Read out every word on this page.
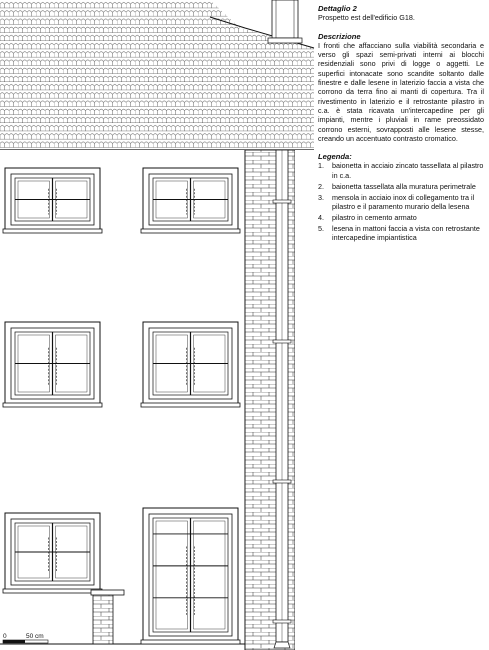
0	50 cm

Dettaglio 2

Prospetto est dell'edificio G18.

Descrizione

I fronti che affacciano sulla viabilità secondaria e verso gli spazi semi-privati interni ai blocchi residenziali sono privi di logge o aggetti. Le superfici intonacate sono scandite soltanto dalle finestre e dalle lesene in laterizio faccia a vista che corrono da terra fino ai manti di copertura. Tra il rivestimento in laterizio e il retrostante pilastro in c.a. è stata ricavata un'intercapedine per gli impianti, mentre i pluviali in rame preossidato corrono esterni, sovrapposti alle lesene stesse, creando un accentuato contrasto cromatico.

Legenda:

1. baionetta in acciaio zincato tassellata al pilastro in c.a.
2. baionetta tassellata alla muratura perimetrale
3. mensola in acciaio inox di collegamento tra il pilastro e il paramento murario della lesena
4. pilastro in cemento armato
5. lesena in mattoni faccia a vista con retrostante intercapedine impiantistica
